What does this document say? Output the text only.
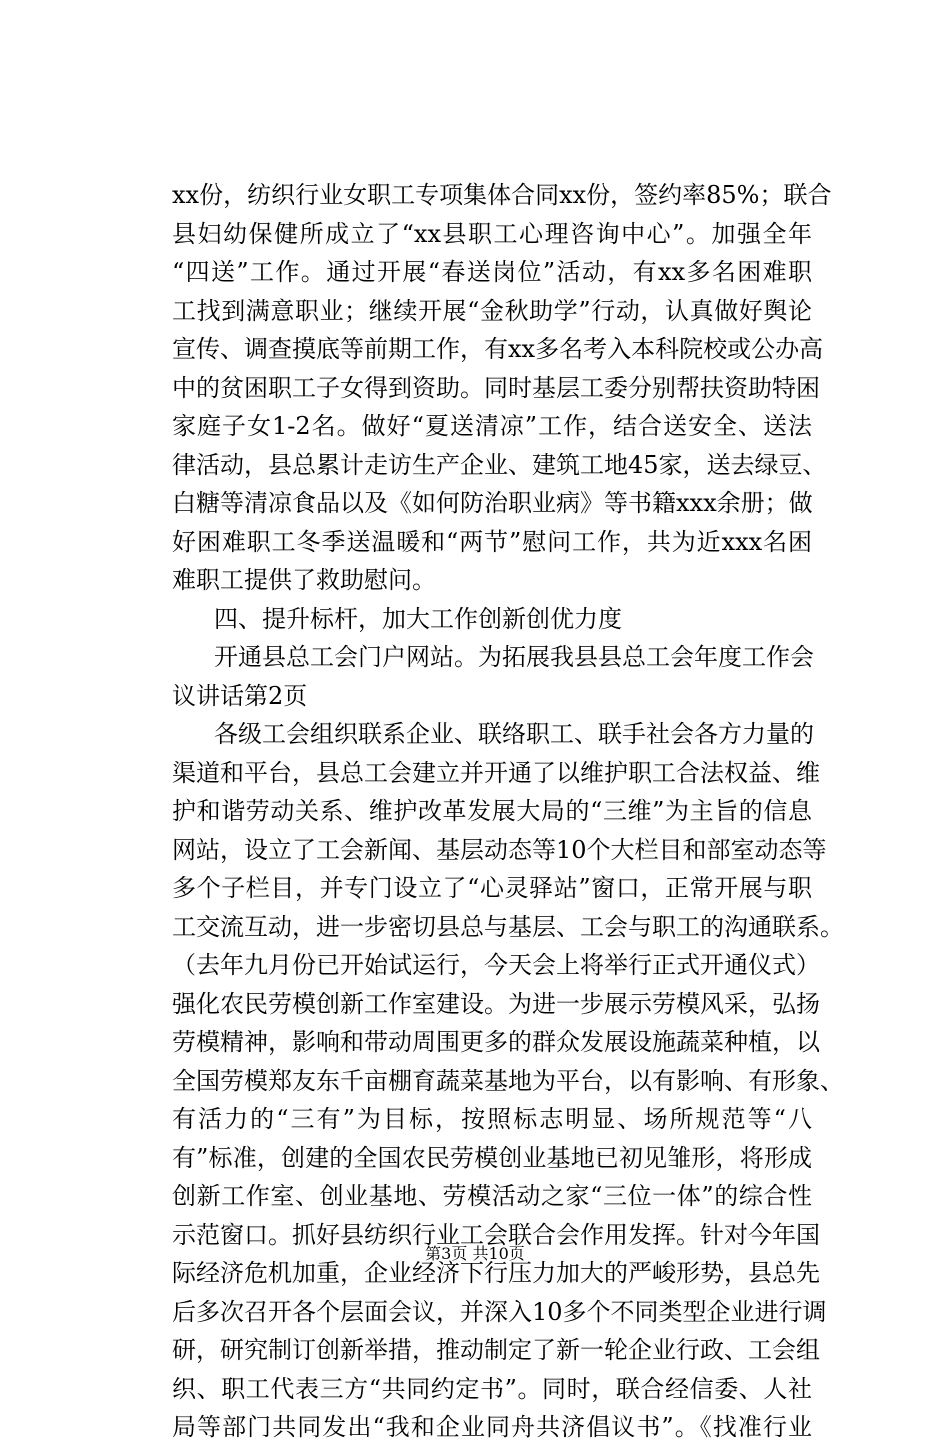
xx份，纺织行业女职工专项集体合同xx份，签约率85%；联合
县妇幼保健所成立了“xx县职工心理咨询中心”。加强全年
“四送”工作。通过开展“春送岗位”活动，有xx多名困难职
工找到满意职业；继续开展“金秋助学”行动，认真做好舆论
宣传、调查摸底等前期工作，有xx多名考入本科院校或公办高
中的贫困职工子女得到资助。同时基层工委分别帮扶资助特困
家庭子女1-2名。做好“夏送清凉”工作，结合送安全、送法
律活动，县总累计走访生产企业、建筑工地45家，送去绿豆、
白糖等清凉食品以及《如何防治职业病》等书籍xxx余册；做
好困难职工冬季送温暖和“两节”慰问工作，共为近xxx名困
难职工提供了救助慰问。
四、提升标杆，加大工作创新创优力度
开通县总工会门户网站。为拓展我县县总工会年度工作会
议讲话第2页
各级工会组织联系企业、联络职工、联手社会各方力量的
渠道和平台，县总工会建立并开通了以维护职工合法权益、维
护和谐劳动关系、维护改革发展大局的“三维”为主旨的信息
网站，设立了工会新闻、基层动态等10个大栏目和部室动态等
多个子栏目，并专门设立了“心灵驿站”窗口，正常开展与职
工交流互动，进一步密切县总与基层、工会与职工的沟通联系。
（去年九月份已开始试运行，今天会上将举行正式开通仪式）
强化农民劳模创新工作室建设。为进一步展示劳模风采，弘扬
劳模精神，影响和带动周围更多的群众发展设施蔬菜种植，以
全国劳模郑友东千亩棚育蔬菜基地为平台，以有影响、有形象、
有活力的“三有”为目标，按照标志明显、场所规范等“八
有”标准，创建的全国农民劳模创业基地已初见雏形，将形成
创新工作室、创业基地、劳模活动之家“三位一体”的综合性
示范窗口。抓好县纺织行业工会联合会作用发挥。针对今年国
际经济危机加重，企业经济下行压力加大的严峻形势，县总先
后多次召开各个层面会议，并深入10多个不同类型企业进行调
研，研究制订创新举措，推动制定了新一轮企业行政、工会组
织、职工代表三方“共同约定书”。同时，联合经信委、人社
局等部门共同发出“我和企业同舟共济倡议书”。《找准行业
第3页 共10页
